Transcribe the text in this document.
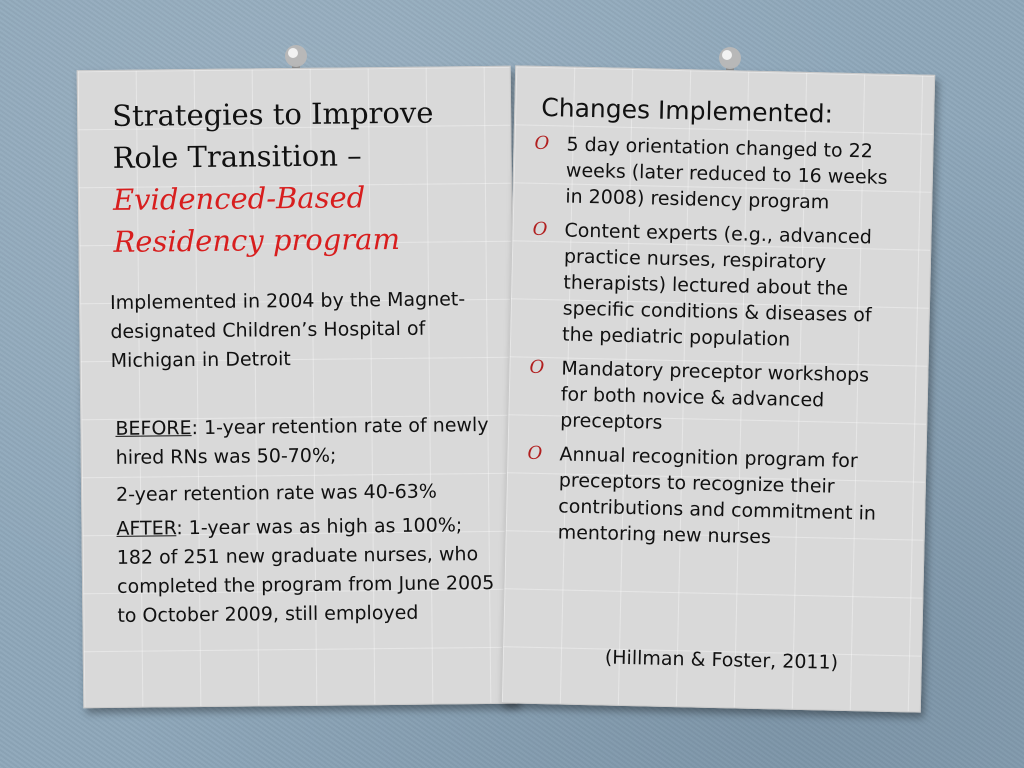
Strategies to Improve
Role Transition –
Evidenced-Based
Residency program
Implemented in 2004 by the Magnet-designated Children’s Hospital of Michigan in Detroit
BEFORE: 1-year retention rate of newly hired RNs was 50-70%;
2-year retention rate was 40-63%
AFTER: 1-year was as high as 100%; 182 of 251 new graduate nurses, who completed the program from June 2005 to October 2009, still employed
Changes Implemented:
O 5 day orientation changed to 22 weeks (later reduced to 16 weeks in 2008) residency program
O Content experts (e.g., advanced practice nurses, respiratory therapists) lectured about the specific conditions & diseases of the pediatric population
O Mandatory preceptor workshops for both novice & advanced preceptors
O Annual recognition program for preceptors to recognize their contributions and commitment in mentoring new nurses
(Hillman & Foster, 2011)
